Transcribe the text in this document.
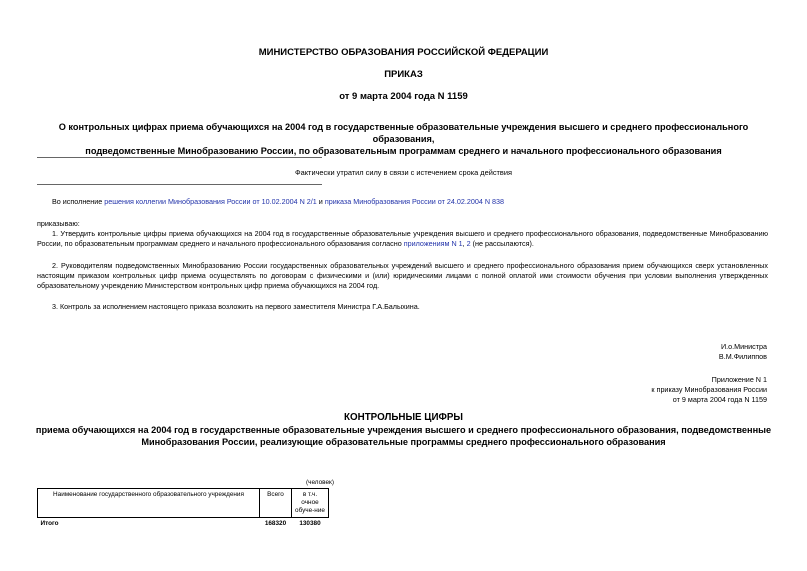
МИНИСТЕРСТВО ОБРАЗОВАНИЯ РОССИЙСКОЙ ФЕДЕРАЦИИ
ПРИКАЗ
от 9 марта 2004 года N 1159
О контрольных цифрах приема обучающихся на 2004 год в государственные образовательные учреждения высшего и среднего профессионального образования,
подведомственные Минобразованию России, по образовательным программам среднего и начального профессионального образования
Фактически утратил силу в связи с истечением срока действия
Во исполнение решения коллегии Минобразования России от 10.02.2004 N 2/1 и приказа Минобразования России от 24.02.2004 N 838
приказываю:
1. Утвердить контрольные цифры приема обучающихся на 2004 год в государственные образовательные учреждения высшего и среднего профессионального образования, подведомственные Минобразованию России, по образовательным программам среднего и начального профессионального образования согласно приложениям N 1, 2 (не рассылаются).
2. Руководителям подведомственных Минобразованию России государственных образовательных учреждений высшего и среднего профессионального образования прием обучающихся сверх установленных настоящим приказом контрольных цифр приема осуществлять по договорам с физическими и (или) юридическими лицами с полной оплатой ими стоимости обучения при условии выполнения утвержденных образовательному учреждению Министерством контрольных цифр приема обучающихся на 2004 год.
3. Контроль за исполнением настоящего приказа возложить на первого заместителя Министра Г.А.Балыхина.
И.о.Министра
В.М.Филиппов
Приложение N 1
к приказу Минобразования России
от 9 марта 2004 года N 1159
КОНТРОЛЬНЫЕ ЦИФРЫ
приема обучающихся на 2004 год в государственные образовательные учреждения высшего и среднего профессионального образования, подведомственные
Минобразования России, реализующие образовательные программы среднего профессионального образования
(человек)
Наименование государственного образовательного учреждения	Всего	в т.ч. очное обуче-ние
Итого	168320	130380
